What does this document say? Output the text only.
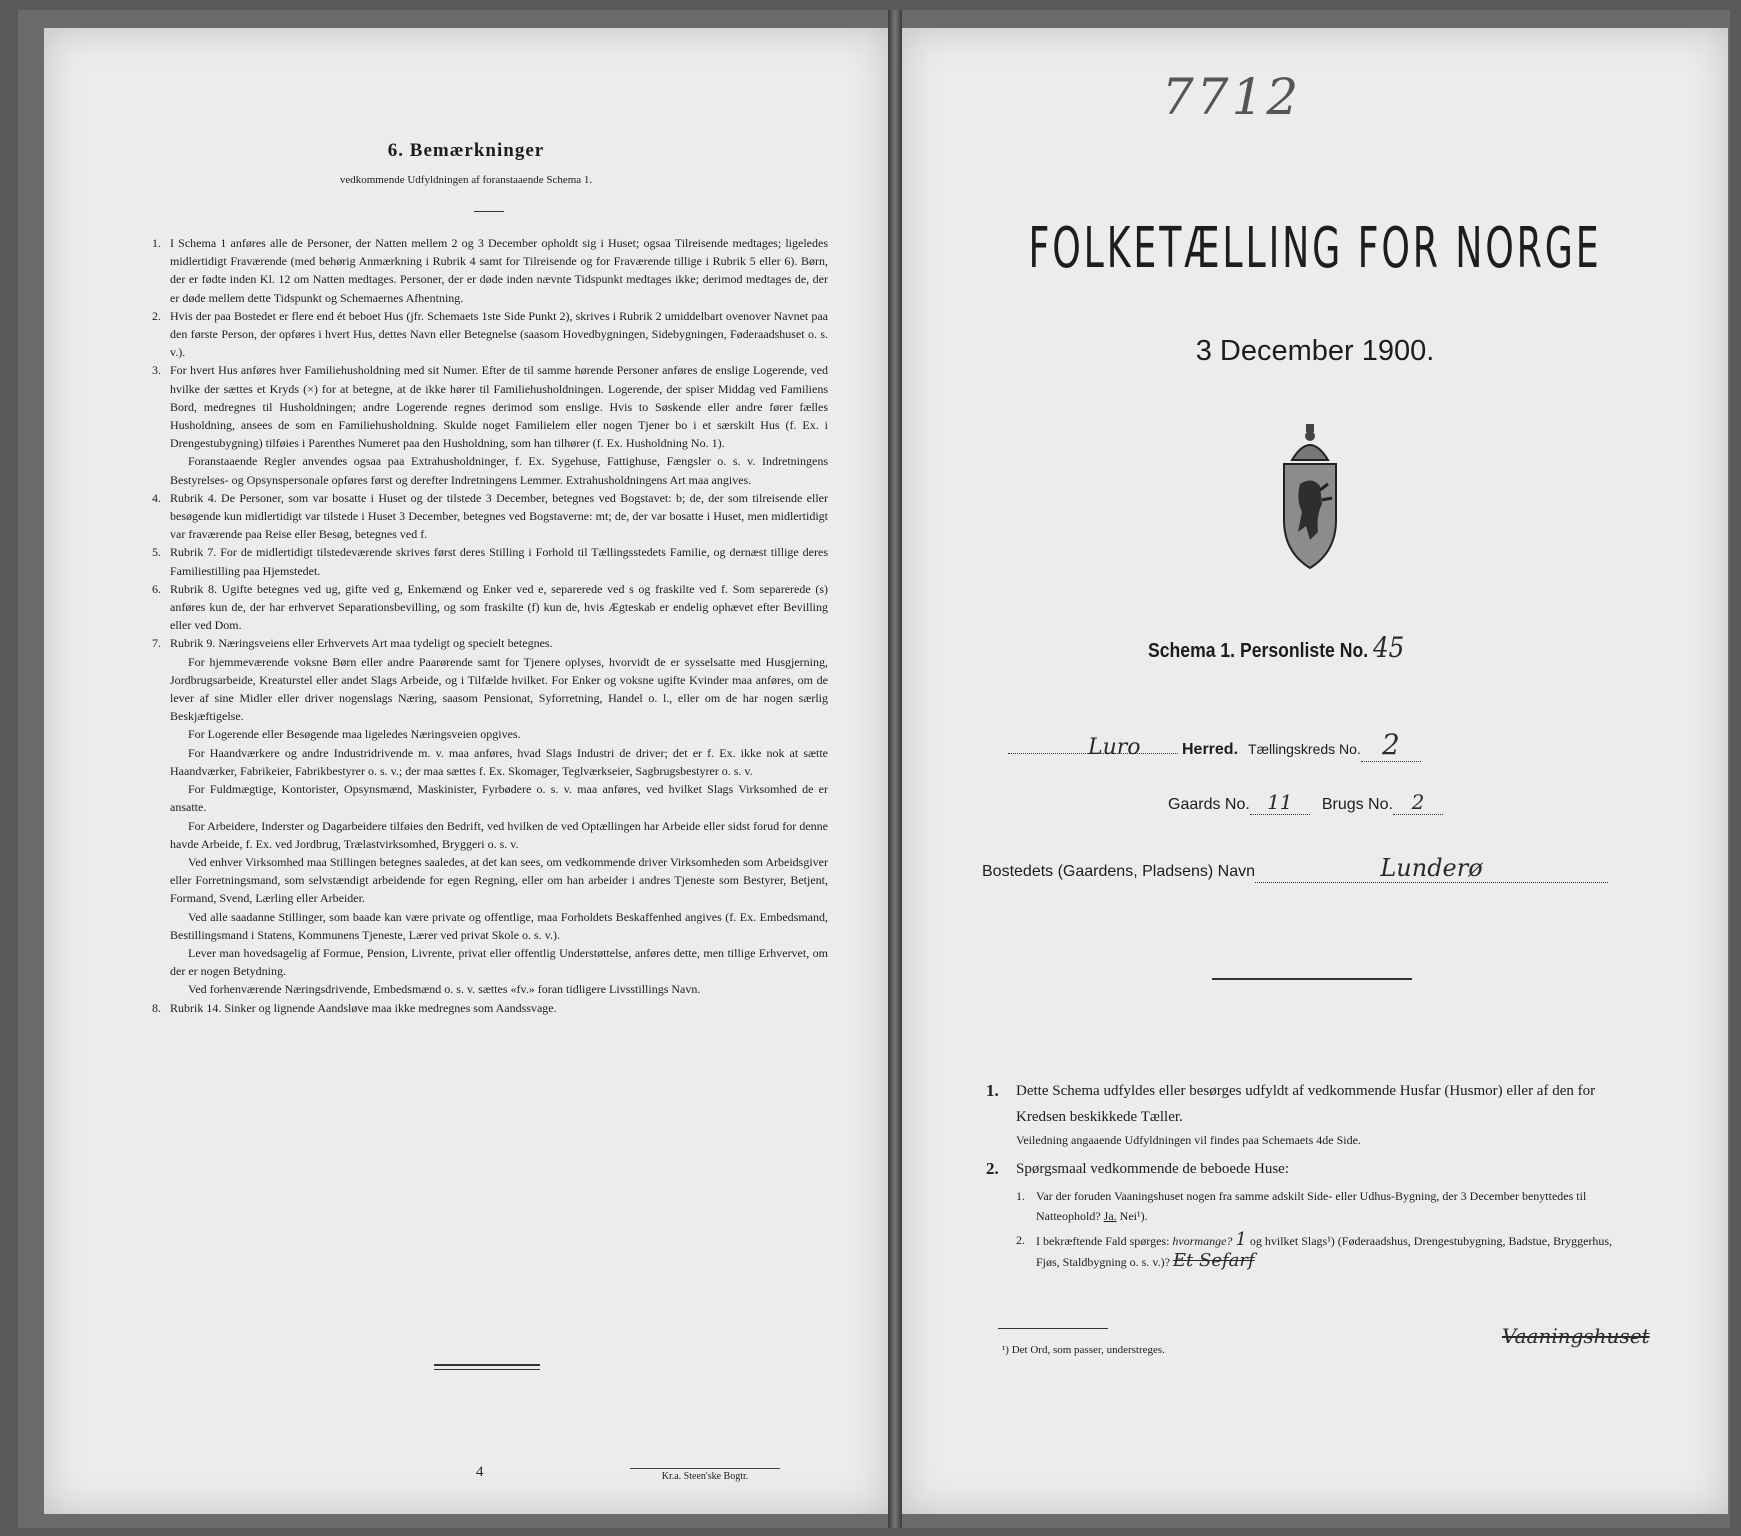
6. Bemærkninger
vedkommende Udfyldningen af foranstaaende Schema 1.
1. I Schema 1 anføres alle de Personer, der Natten mellem 2 og 3 December opholdt sig i Huset; ogsaa Tilreisende medtages; ligeledes midlertidigt Fraværende (med behørig Anmærkning i Rubrik 4 samt for Tilreisende og for Fraværende tillige i Rubrik 5 eller 6). Børn, der er fødte inden Kl. 12 om Natten medtages. Personer, der er døde inden nævnte Tidspunkt medtages ikke; derimod medtages de, der er døde mellem dette Tidspunkt og Schemaernes Afhentning.

2. Hvis der paa Bostedet er flere end ét beboet Hus (jfr. Schemaets 1ste Side Punkt 2), skrives i Rubrik 2 umiddelbart ovenover Navnet paa den første Person, der opføres i hvert Hus, dettes Navn eller Betegnelse (saasom Hovedbygningen, Sidebygningen, Føderaadshuset o. s. v.).

3. For hvert Hus anføres hver Familiehusholdning med sit Numer. Efter de til samme hørende Personer anføres de enslige Logerende, ved hvilke der sættes et Kryds (×) for at betegne, at de ikke hører til Familiehusholdningen. Logerende, der spiser Middag ved Familiens Bord, medregnes til Husholdningen; andre Logerende regnes derimod som enslige. Hvis to Søskende eller andre fører fælles Husholdning, ansees de som en Familiehusholdning. Skulde noget Familielem eller nogen Tjener bo i et særskilt Hus (f. Ex. i Drengestubygning) tilføies i Parenthes Numeret paa den Husholdning, som han tilhører (f. Ex. Husholdning No. 1).

Foranstaaende Regler anvendes ogsaa paa Extrahusholdninger, f. Ex. Sygehuse, Fattighuse, Fængsler o. s. v. Indretningens Bestyrelses- og Opsynspersonale opføres først og derefter Indretningens Lemmer. Extrahusholdningens Art maa angives.

4. Rubrik 4. De Personer, som var bosatte i Huset og der tilstede 3 December, betegnes ved Bogstavet: b; de, der som tilreisende eller besøgende kun midlertidigt var tilstede i Huset 3 December, betegnes ved Bogstaverne: mt; de, der var bosatte i Huset, men midlertidigt var fraværende paa Reise eller Besøg, betegnes ved f.

5. Rubrik 7. For de midlertidigt tilstedeværende skrives først deres Stilling i Forhold til Tællingsstedets Familie, og dernæst tillige deres Familiestilling paa Hjemstedet.

6. Rubrik 8. Ugifte betegnes ved ug, gifte ved g, Enkemænd og Enker ved e, separerede ved s og fraskilte ved f. Som separerede (s) anføres kun de, der har erhvervet Separationsbevilling, og som fraskilte (f) kun de, hvis Ægteskab er endelig ophævet efter Bevilling eller ved Dom.

7. Rubrik 9. Næringsveiens eller Erhvervets Art maa tydeligt og specielt betegnes.

For hjemmeværende voksne Børn eller andre Paarørende samt for Tjenere oplyses, hvorvidt de er sysselsatte med Husgjerning, Jordbrugsarbeide, Kreaturstel eller andet Slags Arbeide, og i Tilfælde hvilket. For Enker og voksne ugifte Kvinder maa anføres, om de lever af sine Midler eller driver nogenslags Næring, saasom Pensionat, Syforretning, Handel o. l., eller om de har nogen særlig Beskjæftigelse.

For Logerende eller Besøgende maa ligeledes Næringsveien opgives.

For Haandværkere og andre Industridrivende m. v. maa anføres, hvad Slags Industri de driver; det er f. Ex. ikke nok at sætte Haandværker, Fabrikeier, Fabrikbestyrer o. s. v.; der maa sættes f. Ex. Skomager, Teglværkseier, Sagbrugsbestyrer o. s. v.

For Fuldmægtige, Kontorister, Opsynsmænd, Maskinister, Fyrbødere o. s. v. maa anføres, ved hvilket Slags Virksomhed de er ansatte.

For Arbeidere, Inderster og Dagarbeidere tilføies den Bedrift, ved hvilken de ved Optællingen har Arbeide eller sidst forud for denne havde Arbeide, f. Ex. ved Jordbrug, Trælastvirksomhed, Bryggeri o. s. v.

Ved enhver Virksomhed maa Stillingen betegnes saaledes, at det kan sees, om vedkommende driver Virksomheden som Arbeidsgiver eller Forretningsmand, som selvstændigt arbeidende for egen Regning, eller om han arbeider i andres Tjeneste som Bestyrer, Betjent, Formand, Svend, Lærling eller Arbeider.

Ved alle saadanne Stillinger, som baade kan være private og offentlige, maa Forholdets Beskaffenhed angives (f. Ex. Embedsmand, Bestillingsmand i Statens, Kommunens Tjeneste, Lærer ved privat Skole o. s. v.).

Lever man hovedsagelig af Formue, Pension, Livrente, privat eller offentlig Understøttelse, anføres dette, men tillige Erhvervet, om der er nogen Betydning.

Ved forhenværende Næringsdrivende, Embedsmænd o. s. v. sættes «fv.» foran tidligere Livsstillings Navn.

8. Rubrik 14. Sinker og lignende Aandsløve maa ikke medregnes som Aandssvage.

4	Kr.a. Steen'ske Bogtr.
7712
FOLKETÆLLING FOR NORGE
3 December 1900.
Schema 1. Personliste No. 45
Luro	Herred. Tællingskreds No. 2
Gaards No. 11	Brugs No. 2
Bostedets (Gaardens, Pladsens) Navn	Lunderø
1.	Dette Schema udfyldes eller besørges udfyldt af vedkommende Husfar (Husmor) eller af den for Kredsen beskikkede Tæller.
Veiledning angaaende Udfyldningen vil findes paa Schemaets 4de Side.
2.	Spørgsmaal vedkommende de beboede Huse:
1. Var der foruden Vaaningshuset nogen fra samme adskilt Side- eller Udhus-Bygning, der 3 December benyttedes til Natteophold? Ja. Nei¹).
2. I bekræftende Fald spørges: hvormange? 1 og hvilket Slags¹) (Føderaadshus, Drengestubygning, Badstue, Bryggerhus, Fjøs, Staldbygning o. s. v.)? Et Sefarf
Vaaningshuset
¹) Det Ord, som passer, understreges.
